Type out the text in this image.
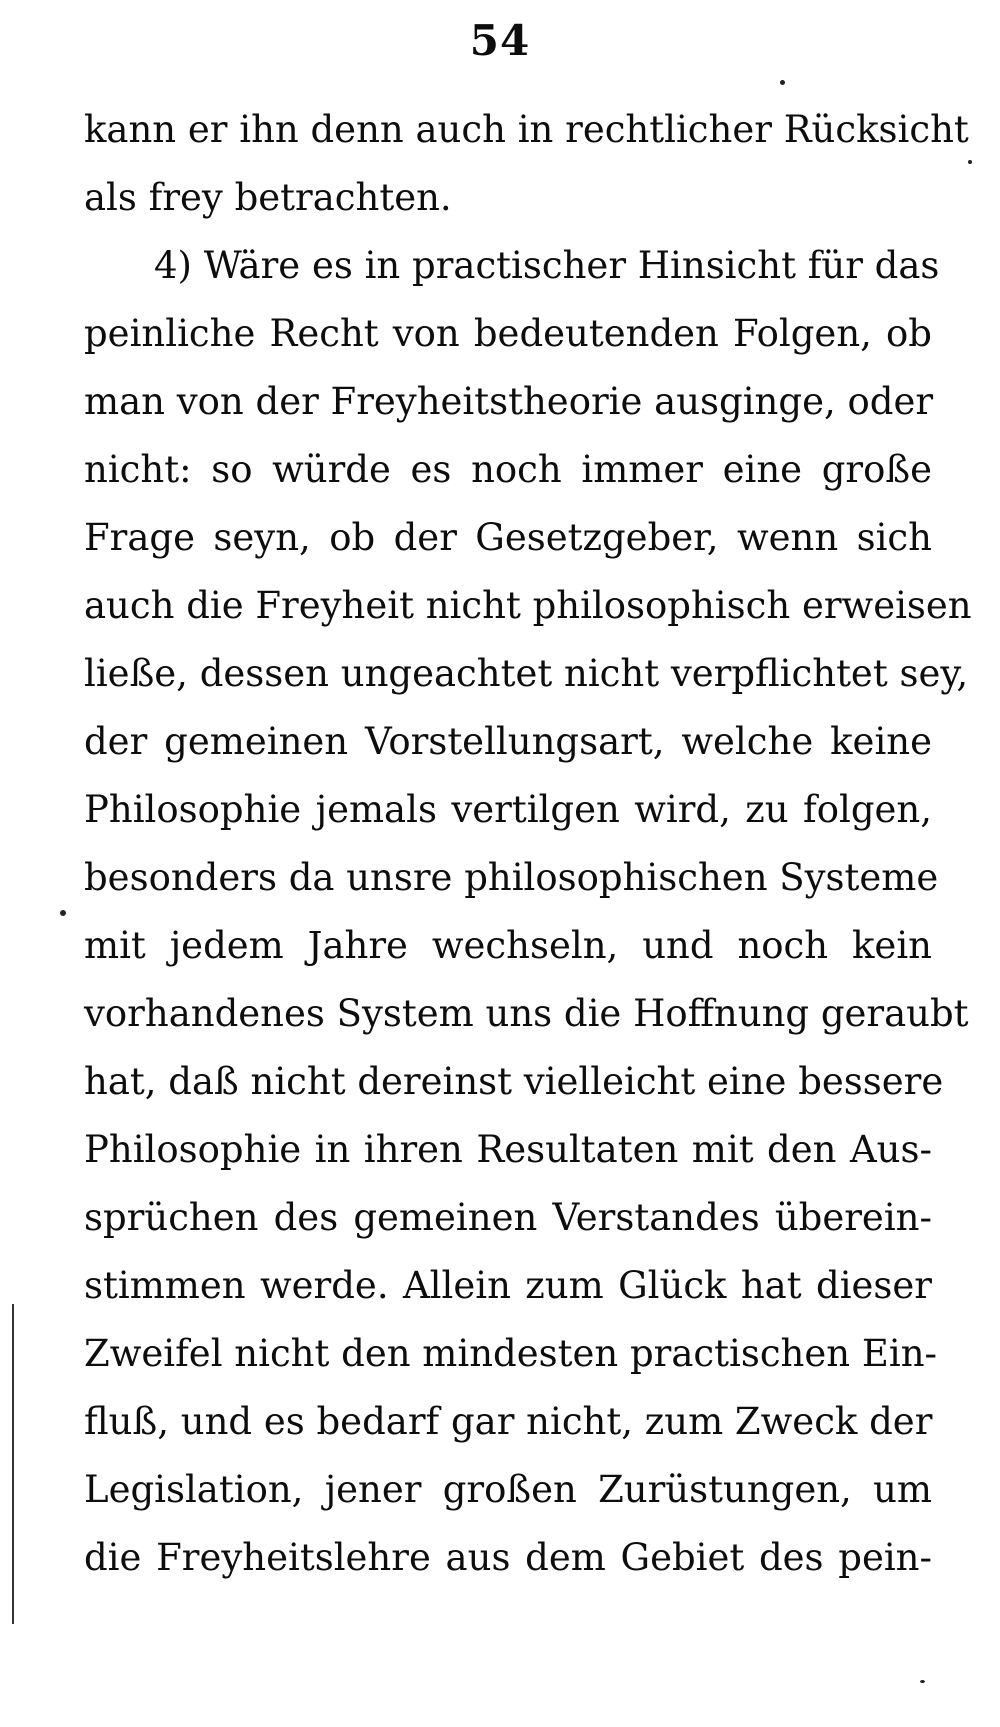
54
kann er ihn denn auch in rechtlicher Rücksicht
als frey betrachten.
4) Wäre es in practischer Hinsicht für das
peinliche Recht von bedeutenden Folgen, ob
man von der Freyheitstheorie ausginge, oder
nicht: so würde es noch immer eine große
Frage seyn, ob der Gesetzgeber, wenn sich
auch die Freyheit nicht philosophisch erweisen
ließe, dessen ungeachtet nicht verpflichtet sey,
der gemeinen Vorstellungsart, welche keine
Philosophie jemals vertilgen wird, zu folgen,
besonders da unsre philosophischen Systeme
mit jedem Jahre wechseln, und noch kein
vorhandenes System uns die Hoffnung geraubt
hat, daß nicht dereinst vielleicht eine bessere
Philosophie in ihren Resultaten mit den Aus-
sprüchen des gemeinen Verstandes überein-
stimmen werde. Allein zum Glück hat dieser
Zweifel nicht den mindesten practischen Ein-
fluß, und es bedarf gar nicht, zum Zweck der
Legislation, jener großen Zurüstungen, um
die Freyheitslehre aus dem Gebiet des pein-
